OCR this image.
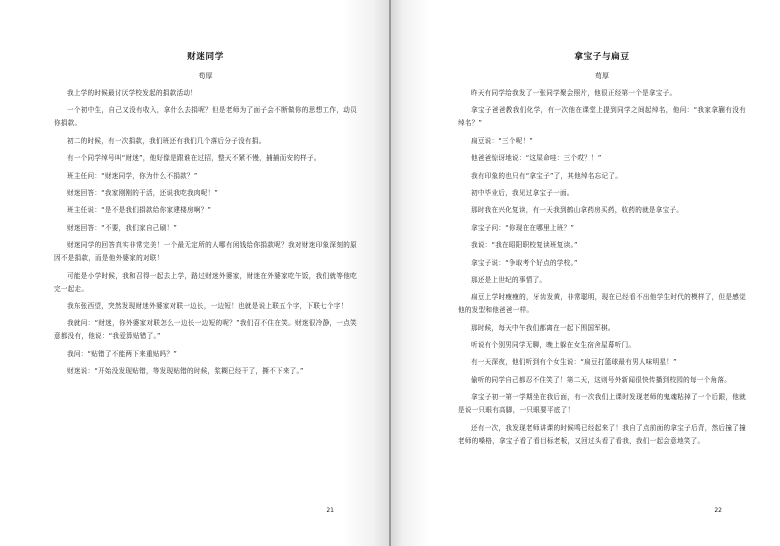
财迷同学
苟厚

我上学的时候最讨厌学校发起的捐款活动！

一个初中生，自己又没有收入，拿什么去捐呢？但是老师为了面子会不断做你的思想工作，动员你捐款。

初二的时候，有一次捐款，我们班还有我们几个落后分子没有捐。

有一个同学绰号叫“财迷”，他好像是跟谁在过招，整天不紧不慢，捕捕而安的样子。

班主任问：“财迷同学，你为什么不捐款？”

财迷回答：“我家刚刚的干活，还说我吃我肉呢！”

班主任说：“是不是我们捐款给你家建楼房啊？”

财迷回答：“不要，我们家自己刷！”

财迷同学的回答真实非常完美！一个最无定所的人哪有闲钱给你捐款呢？我对财迷印象深刻的原因不是捐款，而是他外婆家的对联！

可能是小学时候，我和召得一起去上学，路过财迷外婆家，财迷在外婆家吃午饭，我们就等他吃完一起走。

我东张西望，突然发现财迷外婆家对联一边长，一边短！也就是说上联五个字，下联七个字！

我就问：“财迷，你外婆家对联怎么一边长一边短的呢？”我们召不住在笑。财迷很冷静，一点笑意都没有，他说：“我爱算贴错了。”

我问：“贴错了不能两下来重贴吗？”

财迷说：“开始没发现贴错，等发现贴错的时候，浆糊已经干了，撕不下来了。”

21
拿宝子与扁豆
苟厚

昨天有同学给我发了一张同学聚会照片，他很正经第一个是拿宝子。

拿宝子爸爸教我们化学，有一次他在课堂上提到同学之间起绰名，他问：“我家拿蒯有没有绰名？”

扁豆说：“三个呢！”

他爸爸惊讶地说：“这屎命哇：三个哎？！”

我有印象的也只有“拿宝子”了，其他绰名忘记了。

初中毕业后，我见过拿宝子一面。

那时我在兴化复读，有一天我到鹤山拿药房买药，收药的就是拿宝子。

拿宝子问：“你现在在哪里上班？”

我说：“我在昭阳职校复读班复读。”

拿宝子说：“争取考个好点的学校。”

那还是上世纪的事情了。

扁豆上学时瘦瘦的，牙齿发黄，非常聪明，现在已经看不出他学生时代的模样了，但是感觉他的发型和他爸爸一样。

那时候，每天中午我们都离在一起下围国军棋。

听说有个别男同学无聊，晚上躲在女生宿舍屋幕听门。

有一天深夜，他们听到有个女生说：“扁豆打篮球最有男人味明星！”

偷听的同学自己都忍不住笑了！第二天，这则号外新闻很快传播到校园的每一个角落。

拿宝子初一第一学期坐在我后面，有一次我们上课时发现老师的鬼魂粘掉了一个后跟，他就是说一只眼有高脚，一只眼要平底了！

还有一次，我发现老师讲课的时候鸣已经起来了！我自了点前面的拿宝子后背，然后撞了撞老师的嗓格，拿宝子看了看目标老板，又回过头看了看我，我们一起会意地笑了。

22
